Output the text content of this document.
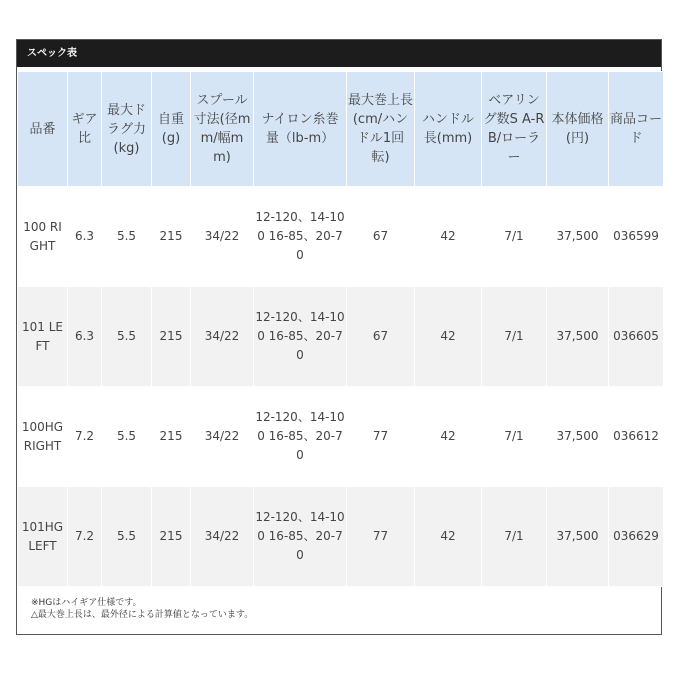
スペック表
品番	ギア比	最大ドラグ力(kg)	自重(g)	スプール寸法(径mm/幅mm)	ナイロン糸巻量（lb-m）	最大巻上長(cm/ハンドル1回転)	ハンドル長(mm)	ベアリング数S A-RB/ローラー	本体価格(円)	商品コード
100 RIGHT	6.3	5.5	215	34/22	12-120、14-100 16-85、20-70	67	42	7/1	37,500	036599
101 LEFT	6.3	5.5	215	34/22	12-120、14-100 16-85、20-70	67	42	7/1	37,500	036605
100HG RIGHT	7.2	5.5	215	34/22	12-120、14-100 16-85、20-70	77	42	7/1	37,500	036612
101HG LEFT	7.2	5.5	215	34/22	12-120、14-100 16-85、20-70	77	42	7/1	37,500	036629
※HGはハイギア仕様です。
△最大巻上長は、最外径による計算値となっています。
